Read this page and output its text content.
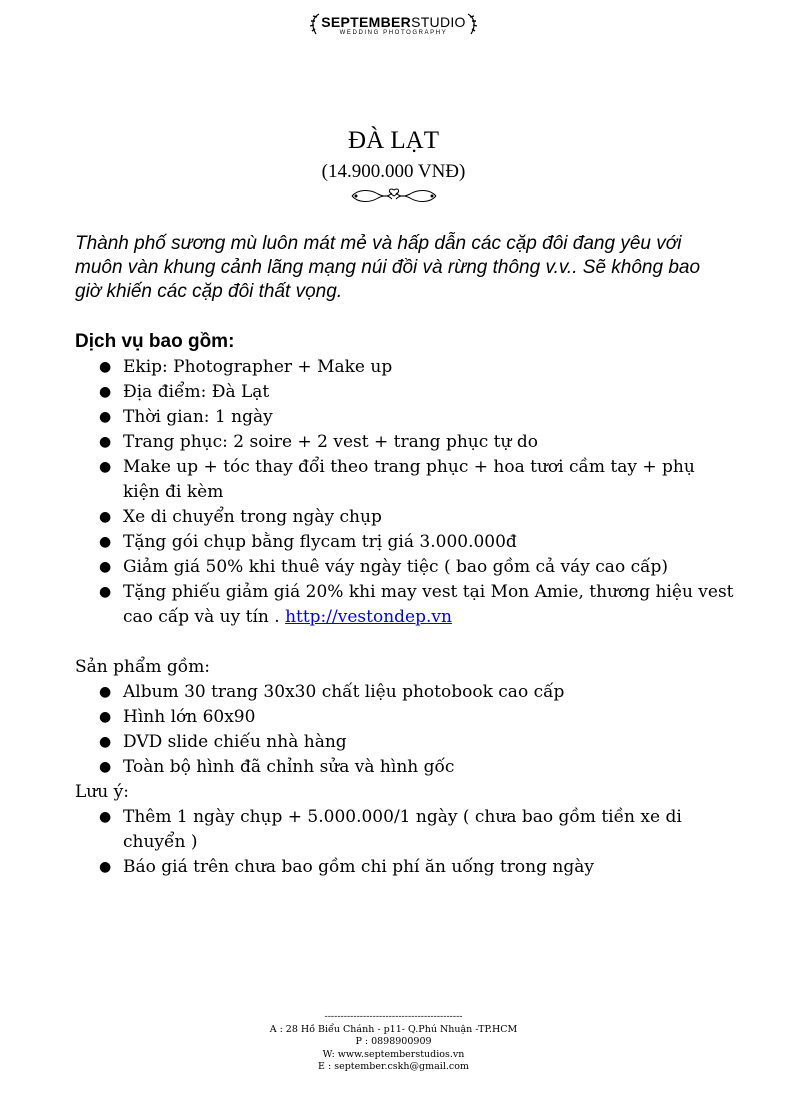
SEPTEMBERSTUDIO
WEDDING PHOTOGRAPHY
ĐÀ LẠT
(14.900.000 VNĐ)
Thành phố sương mù luôn mát mẻ và hấp dẫn các cặp đôi đang yêu với muôn vàn khung cảnh lãng mạng núi đồi và rừng thông v.v.. Sẽ không bao giờ khiến các cặp đôi thất vọng.
Dịch vụ bao gồm:
● Ekip: Photographer + Make up
● Địa điểm: Đà Lạt
● Thời gian: 1 ngày
● Trang phục: 2 soire + 2 vest + trang phục tự do
● Make up + tóc thay đổi theo trang phục + hoa tươi cầm tay + phụ kiện đi kèm
● Xe di chuyển trong ngày chụp
● Tặng gói chụp bằng flycam trị giá 3.000.000đ
● Giảm giá 50% khi thuê váy ngày tiệc ( bao gồm cả váy cao cấp)
● Tặng phiếu giảm giá 20% khi may vest tại Mon Amie, thương hiệu vest cao cấp và uy tín . http://vestondep.vn
Sản phẩm gồm:
● Album 30 trang 30x30 chất liệu photobook cao cấp
● Hình lớn 60x90
● DVD slide chiếu nhà hàng
● Toàn bộ hình đã chỉnh sửa và hình gốc
Lưu ý:
● Thêm 1 ngày chụp + 5.000.000/1 ngày ( chưa bao gồm tiền xe di chuyển )
● Báo giá trên chưa bao gồm chi phí ăn uống trong ngày
-------------------------------------------
A : 28 Hồ Biểu Chánh - p11- Q.Phú Nhuận -TP.HCM
P : 0898900909
W: www.septemberstudios.vn
E : september.cskh@gmail.com
